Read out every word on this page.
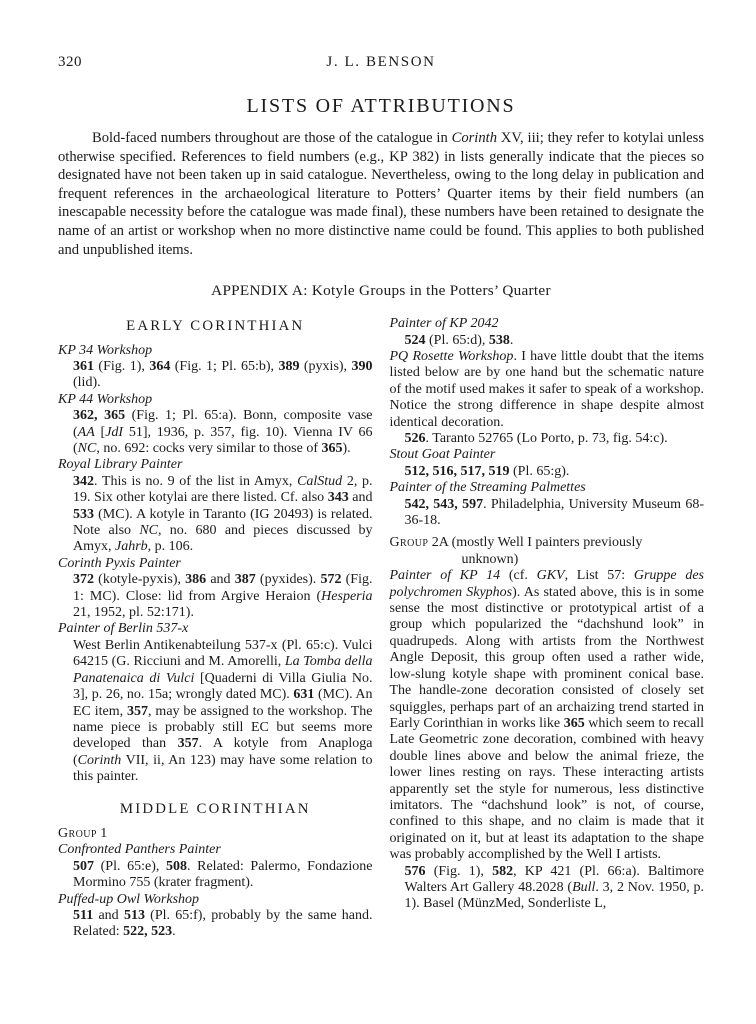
320	J. L. BENSON
LISTS OF ATTRIBUTIONS

Bold-faced numbers throughout are those of the catalogue in Corinth XV, iii; they refer to kotylai unless otherwise specified. References to field numbers (e.g., KP 382) in lists generally indicate that the pieces so designated have not been taken up in said catalogue. Nevertheless, owing to the long delay in publication and frequent references in the archaeological literature to Potters’ Quarter items by their field numbers (an inescapable necessity before the catalogue was made final), these numbers have been retained to designate the name of an artist or workshop when no more distinctive name could be found. This applies to both published and unpublished items.

APPENDIX A: Kotyle Groups in the Potters’ Quarter
EARLY CORINTHIAN
KP 34 Workshop
361 (Fig. 1), 364 (Fig. 1; Pl. 65:b), 389 (pyxis), 390 (lid).
KP 44 Workshop
362, 365 (Fig. 1; Pl. 65:a). Bonn, composite vase (AA [JdI 51], 1936, p. 357, fig. 10). Vienna IV 66 (NC, no. 692: cocks very similar to those of 365).
Royal Library Painter
342. This is no. 9 of the list in Amyx, CalStud 2, p. 19. Six other kotylai are there listed. Cf. also 343 and 533 (MC). A kotyle in Taranto (IG 20493) is related. Note also NC, no. 680 and pieces discussed by Amyx, Jahrb, p. 106.
Corinth Pyxis Painter
372 (kotyle-pyxis), 386 and 387 (pyxides). 572 (Fig. 1: MC). Close: lid from Argive Heraion (Hesperia 21, 1952, pl. 52:171).
Painter of Berlin 537-x
West Berlin Antikenabteilung 537-x (Pl. 65:c). Vulci 64215 (G. Ricciuni and M. Amorelli, La Tomba della Panatenaica di Vulci [Quaderni di Villa Giulia No. 3], p. 26, no. 15a; wrongly dated MC). 631 (MC). An EC item, 357, may be assigned to the workshop. The name piece is probably still EC but seems more developed than 357. A kotyle from Anaploga (Corinth VII, ii, An 123) may have some relation to this painter.
MIDDLE CORINTHIAN
Group 1
Confronted Panthers Painter
507 (Pl. 65:e), 508. Related: Palermo, Fondazione Mormino 755 (krater fragment).
Puffed-up Owl Workshop
511 and 513 (Pl. 65:f), probably by the same hand. Related: 522, 523.
Painter of KP 2042
524 (Pl. 65:d), 538.
PQ Rosette Workshop. I have little doubt that the items listed below are by one hand but the schematic nature of the motif used makes it safer to speak of a workshop. Notice the strong difference in shape despite almost identical decoration.
526. Taranto 52765 (Lo Porto, p. 73, fig. 54:c).
Stout Goat Painter
512, 516, 517, 519 (Pl. 65:g).
Painter of the Streaming Palmettes
542, 543, 597. Philadelphia, University Museum 68-36-18.
Group 2A (mostly Well I painters previously
unknown)
Painter of KP 14 (cf. GKV, List 57: Gruppe des polychromen Skyphos). As stated above, this is in some sense the most distinctive or prototypical artist of a group which popularized the “dachshund look” in quadrupeds. Along with artists from the Northwest Angle Deposit, this group often used a rather wide, low-slung kotyle shape with prominent conical base. The handle-zone decoration consisted of closely set squiggles, perhaps part of an archaizing trend started in Early Corinthian in works like 365 which seem to recall Late Geometric zone decoration, combined with heavy double lines above and below the animal frieze, the lower lines resting on rays. These interacting artists apparently set the style for numerous, less distinctive imitators. The “dachshund look” is not, of course, confined to this shape, and no claim is made that it originated on it, but at least its adaptation to the shape was probably accomplished by the Well I artists.
576 (Fig. 1), 582, KP 421 (Pl. 66:a). Baltimore Walters Art Gallery 48.2028 (Bull. 3, 2 Nov. 1950, p. 1). Basel (MünzMed, Sonderliste L,
